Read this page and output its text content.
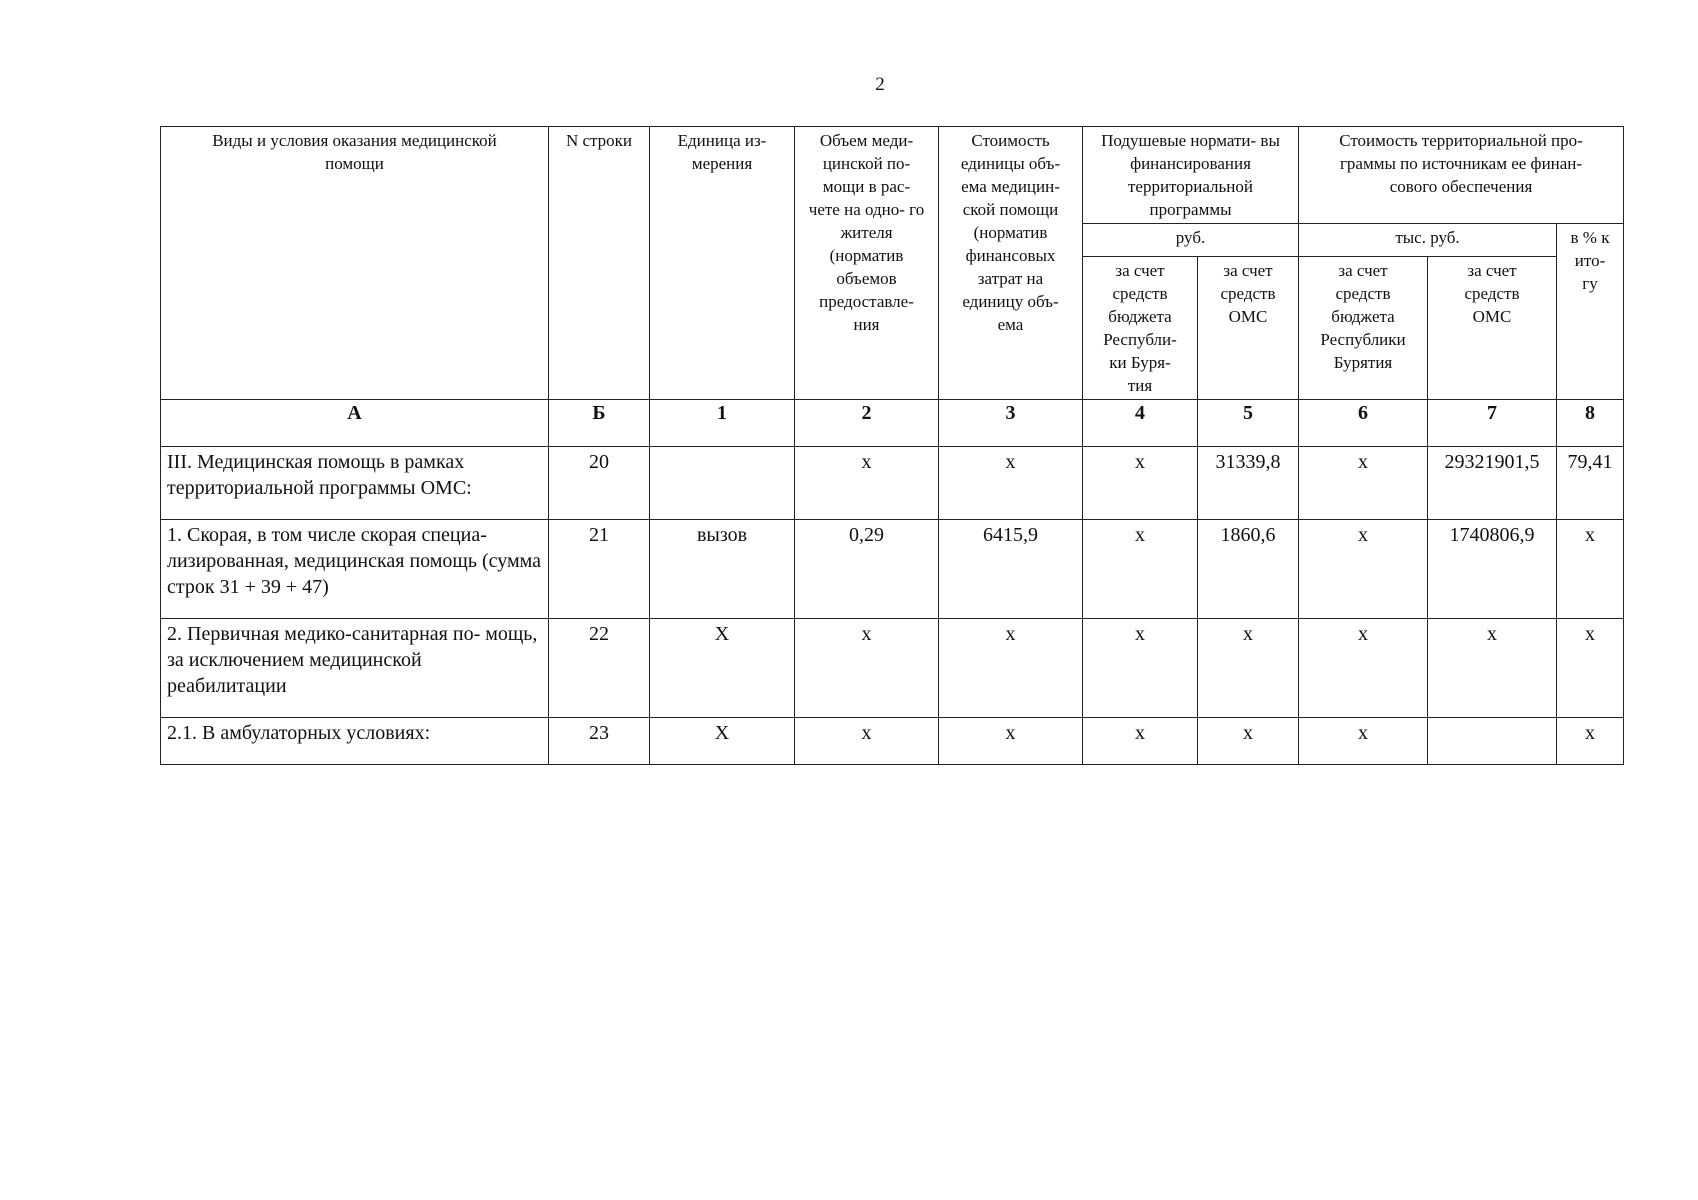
2
Виды и условия оказания медицинской помощи	N строки	Единица из- мерения	Объем меди- цинской по- мощи в рас- чете на одно- го жителя (норматив объемов предоставле- ния	Стоимость единицы объ- ема медицин- ской помощи (норматив финансовых затрат на единицу объ- ема	Подушевые нормати- вы финансирования территориальной программы		Стоимость территориальной про- граммы по источникам ее финан- сового обеспечения		
					руб.		тыс. руб.		в % к ито- гу
					за счет средств бюджета Республи- ки Буря- тия	за счет средств ОМС	за счет средств бюджета Республики Бурятия	за счет средств ОМС	
А	Б	1	2	3	4	5	6	7	8
III. Медицинская помощь в рамках территориальной программы ОМС:	20		x	x	x	31339,8	x	29321901,5	79,41
1. Скорая, в том числе скорая специа- лизированная, медицинская помощь (сумма строк 31 + 39 + 47)	21	вызов	0,29	6415,9	x	1860,6	x	1740806,9	x
2. Первичная медико-санитарная по- мощь, за исключением медицинской реабилитации	22	X	x	x	x	x	x	x	x
2.1. В амбулаторных условиях:	23	X	x	x	x	x	x		x
